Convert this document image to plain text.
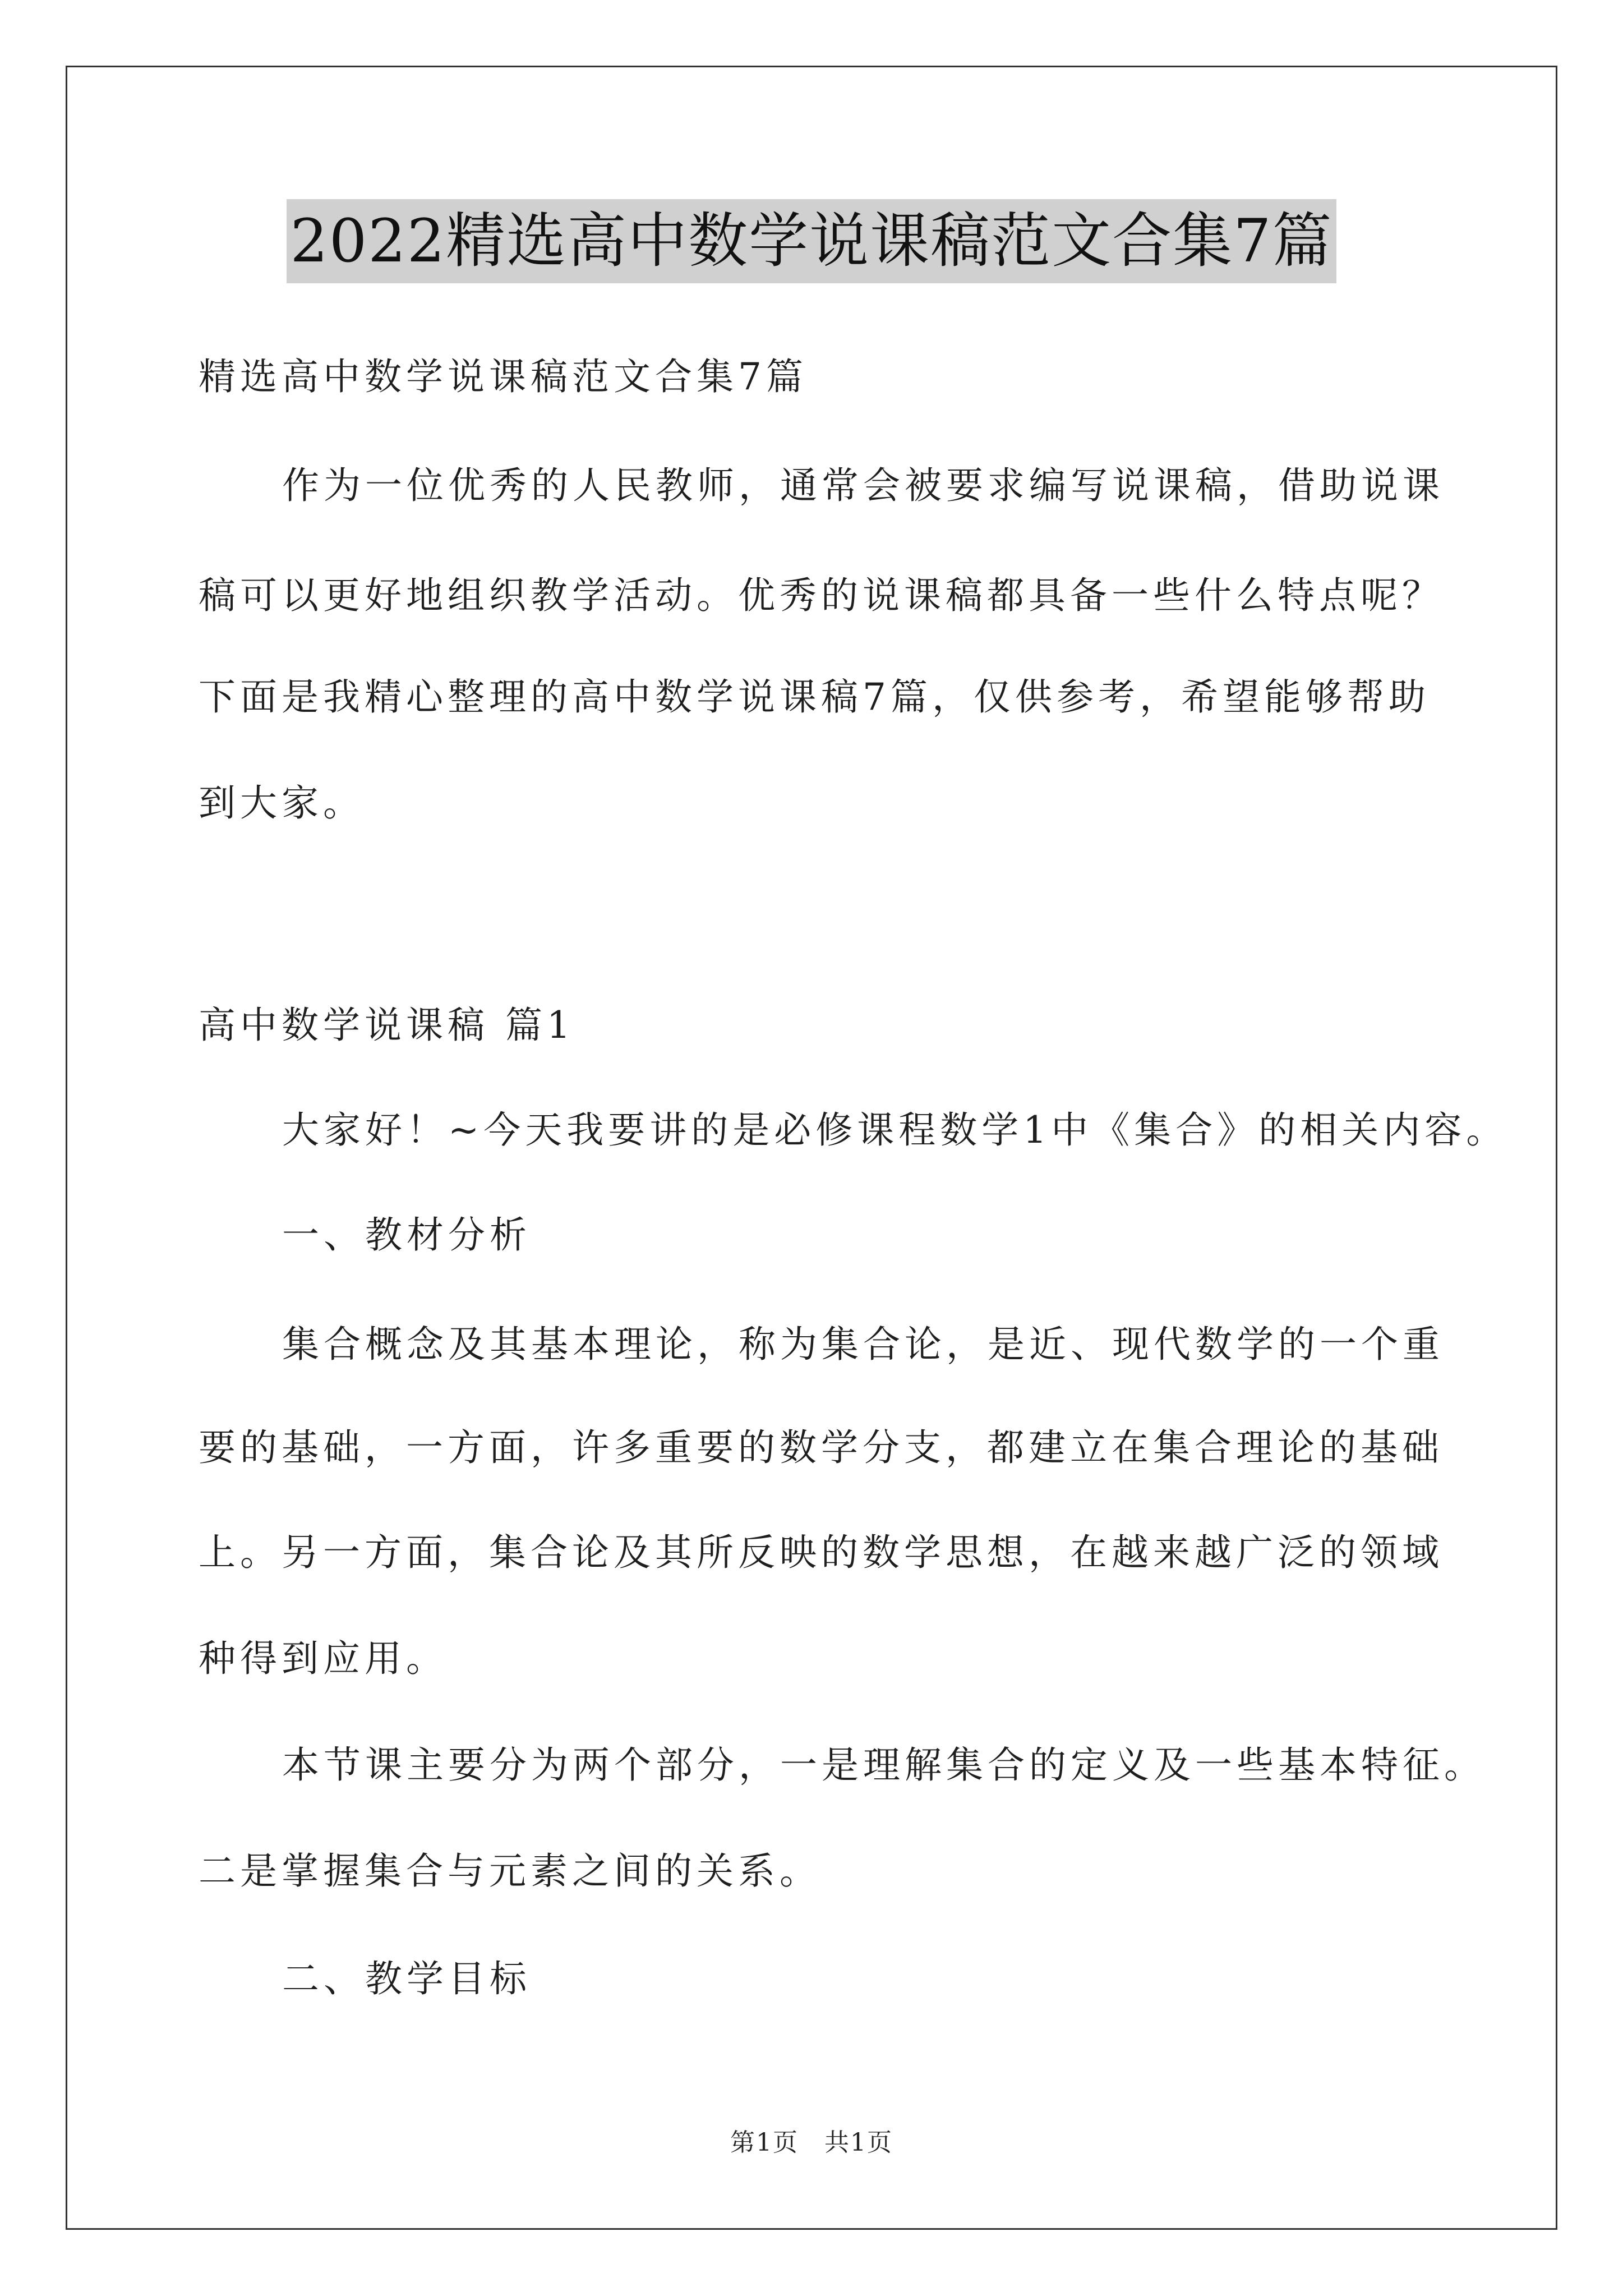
2022精选高中数学说课稿范文合集7篇
精选高中数学说课稿范文合集7篇
作为一位优秀的人民教师，通常会被要求编写说课稿，借助说课
稿可以更好地组织教学活动。优秀的说课稿都具备一些什么特点呢？
下面是我精心整理的高中数学说课稿7篇，仅供参考，希望能够帮助
到大家。
高中数学说课稿 篇1
大家好！~今天我要讲的是必修课程数学1中《集合》的相关内容。
一、教材分析
集合概念及其基本理论，称为集合论，是近、现代数学的一个重
要的基础，一方面，许多重要的数学分支，都建立在集合理论的基础
上。另一方面，集合论及其所反映的数学思想，在越来越广泛的领域
种得到应用。
本节课主要分为两个部分，一是理解集合的定义及一些基本特征。
二是掌握集合与元素之间的关系。
二、教学目标
第1页　共1页
